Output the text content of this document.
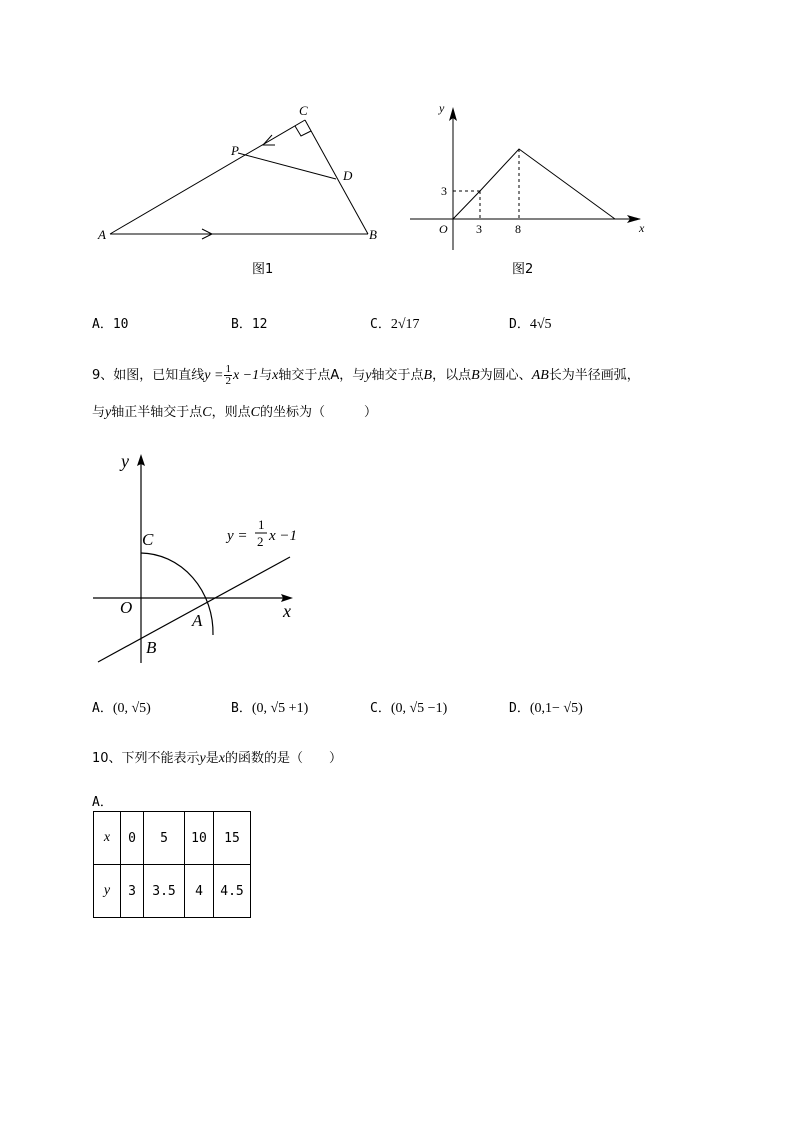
A	B
C
D
P
图1
y
x
O
3
3	8
图2
A．10	B．12	C．2√17	D．4√5
9、如图，已知直线$y = \frac{1}{2}$ x −1与x轴交于点A，与y轴交于点B，以点B为圆心、AB长为半径画弧，
与y轴正半轴交于点C，则点C的坐标为（　　　）
y
x
O
A
B
C	y =
1
2 x −1
A．(0, √5)	B．(0, √5 +1)	C．(0, √5 −1)	D．(0,1− √5)
10、下列不能表示y是x的函数的是（　　）
A．
x	0	5	10	15
y	3	3.5	4	4.5
